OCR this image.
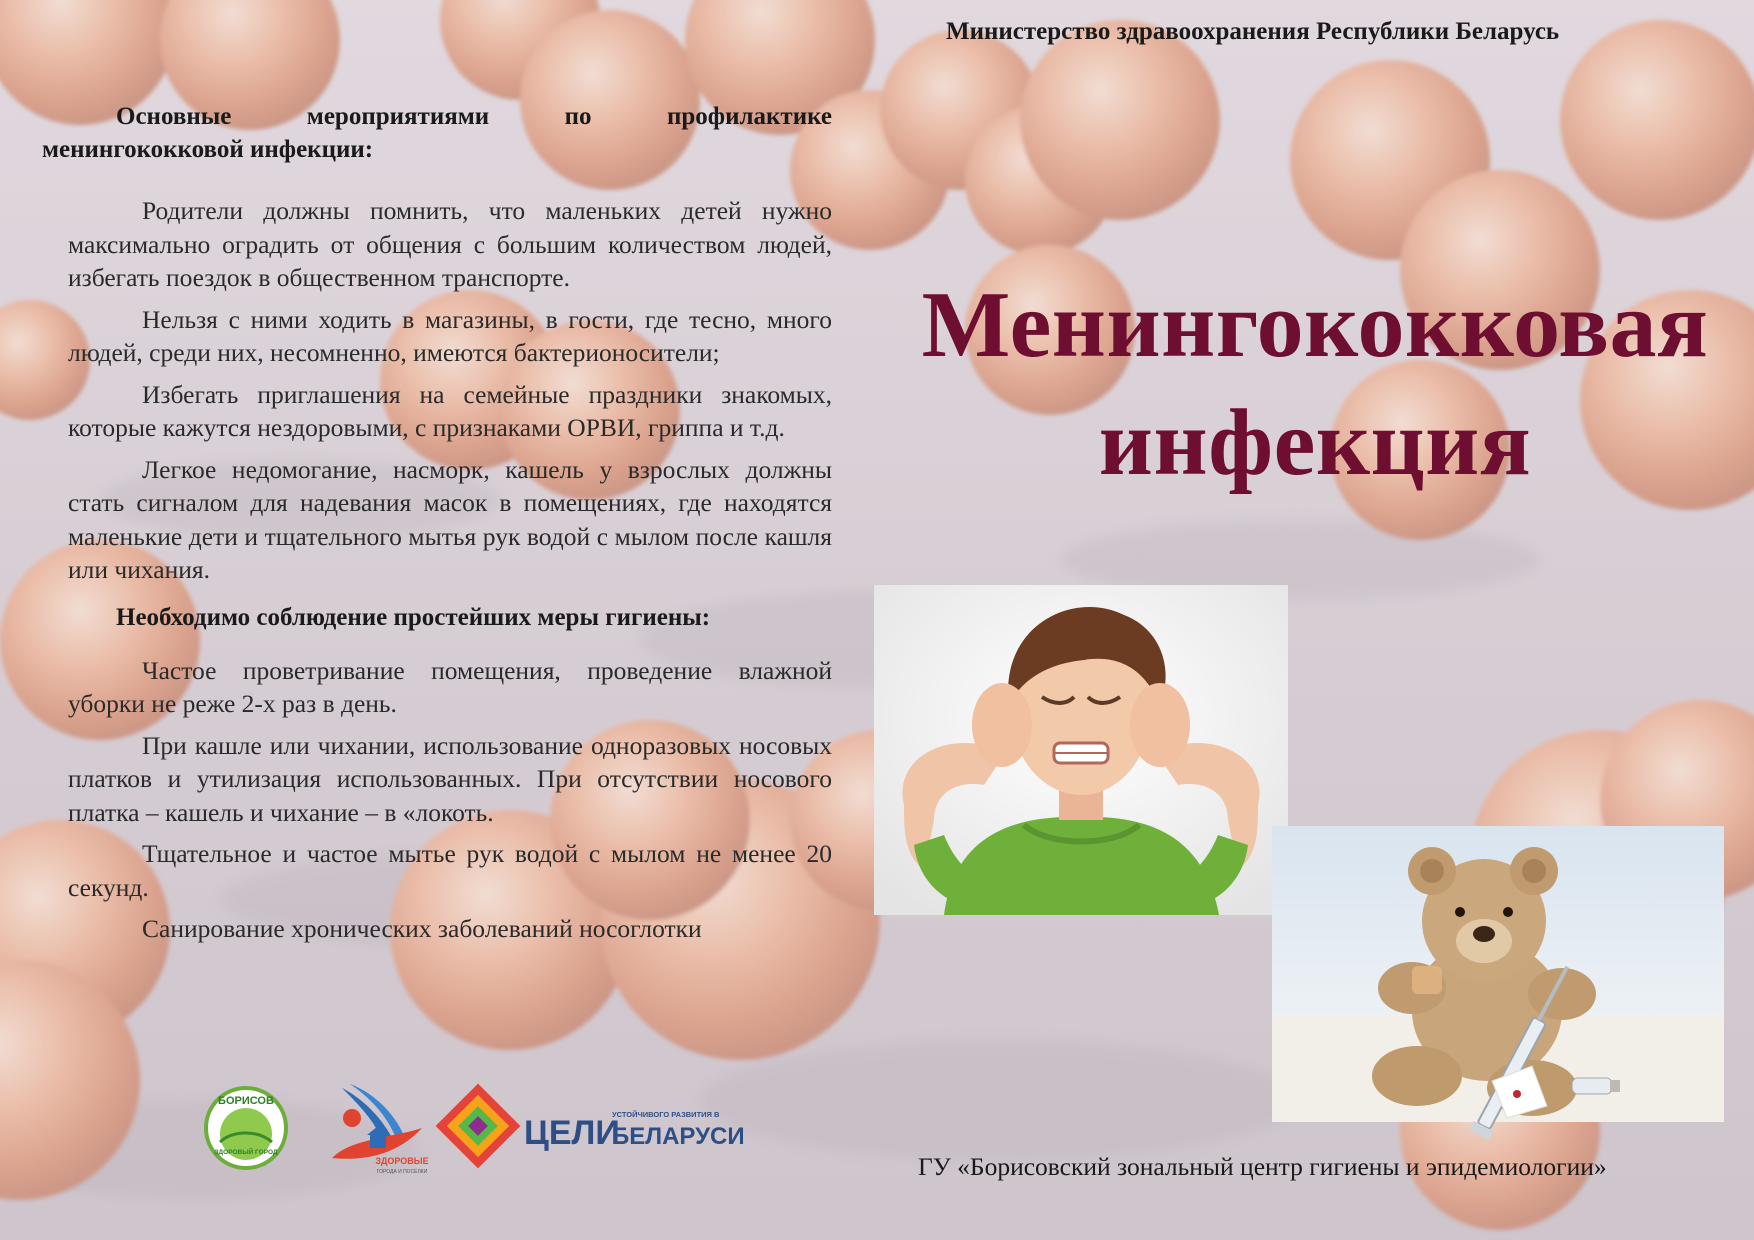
Министерство здравоохранения Республики Беларусь

Основные мероприятиями по профилактике менингококковой инфекции:

Родители должны помнить, что маленьких детей нужно максимально оградить от общения с большим количеством людей, избегать поездок в общественном транспорте.

Нельзя с ними ходить в магазины, в гости, где тесно, много людей, среди них, несомненно, имеются бактерионосители;

Избегать приглашения на семейные праздники знакомых, которые кажутся нездоровыми, с признаками ОРВИ, гриппа и т.д.

Легкое недомогание, насморк, кашель у взрослых должны стать сигналом для надевания масок в помещениях, где находятся маленькие дети и тщательного мытья рук водой с мылом после кашля или чихания.

Необходимо соблюдение простейших меры гигиены:

Частое проветривание помещения, проведение влажной уборки не реже 2-х раз в день.

При кашле или чихании, использование одноразовых носовых платков и утилизация использованных. При отсутствии носового платка – кашель и чихание – в «локоть.

Тщательное и частое мытье рук водой с мылом не менее 20 секунд.

Санирование хронических заболеваний носоглотки

Менингококковая
инфекция
БОРИСОВ
ЗДОРОВЫЙ ГОРОД
ЗДОРОВЫЕ
ГОРОДА И ПОСЕЛКИ
ЦЕЛИ
УСТОЙЧИВОГО РАЗВИТИЯ В
БЕЛАРУСИ
ГУ «Борисовский зональный центр гигиены и эпидемиологии»
